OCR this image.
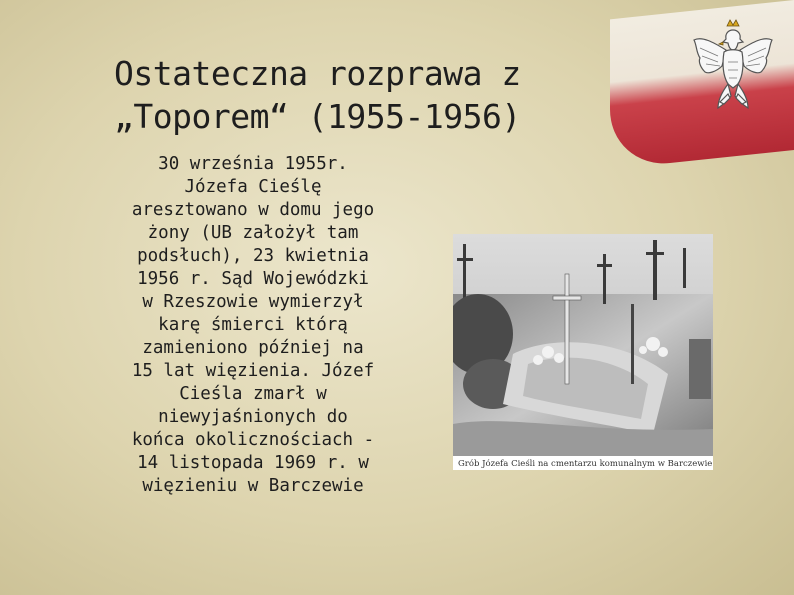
Ostateczna rozprawa z
„Toporem“ (1955-1956)

30 września 1955r.
Józefa Cieślę
aresztowano w domu jego
żony (UB założył tam
podsłuch), 23 kwietnia
1956 r. Sąd Wojewódzki
w Rzeszowie wymierzył
karę śmierci którą
zamieniono później na
15 lat więzienia. Józef
Cieśla zmarł w
niewyjaśnionych do
końca okolicznościach -
14 listopada 1969 r. w
więzieniu w Barczewie

Grób Józefa Cieśli na cmentarzu komunalnym w Barczewie
